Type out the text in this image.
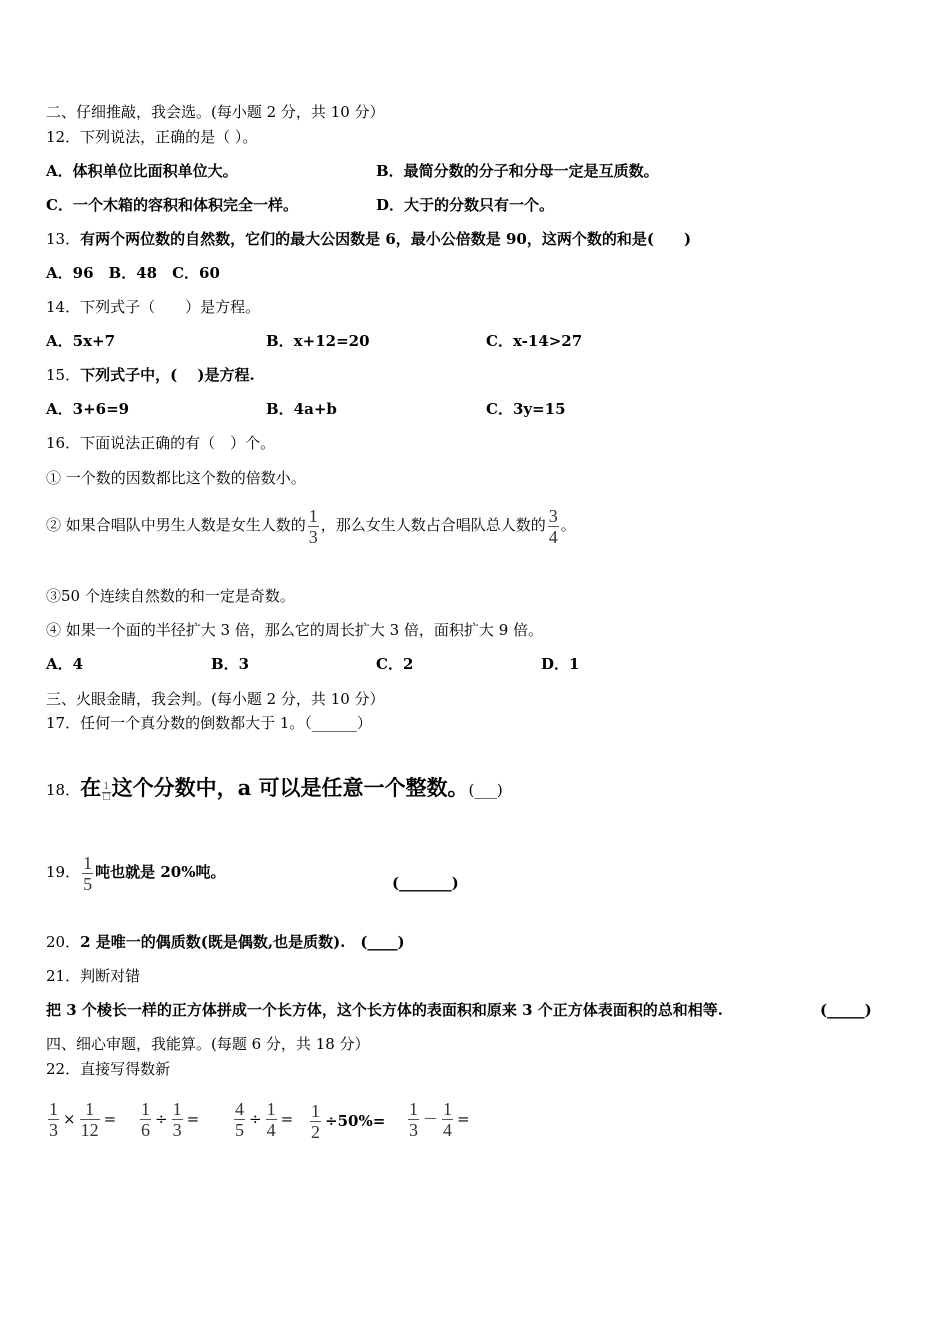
二、仔细推敲，我会选。(每小题 2 分，共 10 分）
12．下列说法，正确的是（ ）。
A．体积单位比面积单位大。	B．最简分数的分子和分母一定是互质数。
C．一个木箱的容积和体积完全一样。	D．大于的分数只有一个。
13．有两个两位数的自然数，它们的最大公因数是 6，最小公倍数是 90，这两个数的和是(　　)
A．96　B．48　C．60
14．下列式子（　　）是方程。
A．5x+7	B．x+12=20	C．x-14>27
15．下列式子中，(　 )是方程.
A．3+6=9	B．4a+b	C．3y=15
16．下面说法正确的有（　）个。
① 一个数的因数都比这个数的倍数小。
② 如果合唱队中男生人数是女生人数的 $\frac{1}{3}$ ，那么女生人数占合唱队总人数的 $\frac{3}{4}$ 。
③50 个连续自然数的和一定是奇数。
④ 如果一个面的半径扩大 3 倍，那么它的周长扩大 3 倍，面积扩大 9 倍。
A．4	B．3	C．2	D．1
三、火眼金睛，我会判。(每小题 2 分，共 10 分）
17．任何一个真分数的倒数都大于 1。（______）
18．在 1
□ 这个分数中，a 可以是任意一个整数。(___)
19． $\frac{1}{5}$ 吨也就是 20%吨。
(_______)
20．2 是唯一的偶质数(既是偶数,也是质数).　(____)
21．判断对错
把 3 个棱长一样的正方体拼成一个长方体，这个长方体的表面积和原来 3 个正方体表面积的总和相等.	(_____)
四、细心审题，我能算。(每题 6 分，共 18 分）
22．直接写得数新
$\frac{1}{3} \times \frac{1}{12} = \frac{1}{6} \div \frac{1}{3} = \frac{4}{5} \div \frac{1}{4} = \frac{1}{2} \div 50\%= \frac{1}{3} - \frac{1}{4}$ =
